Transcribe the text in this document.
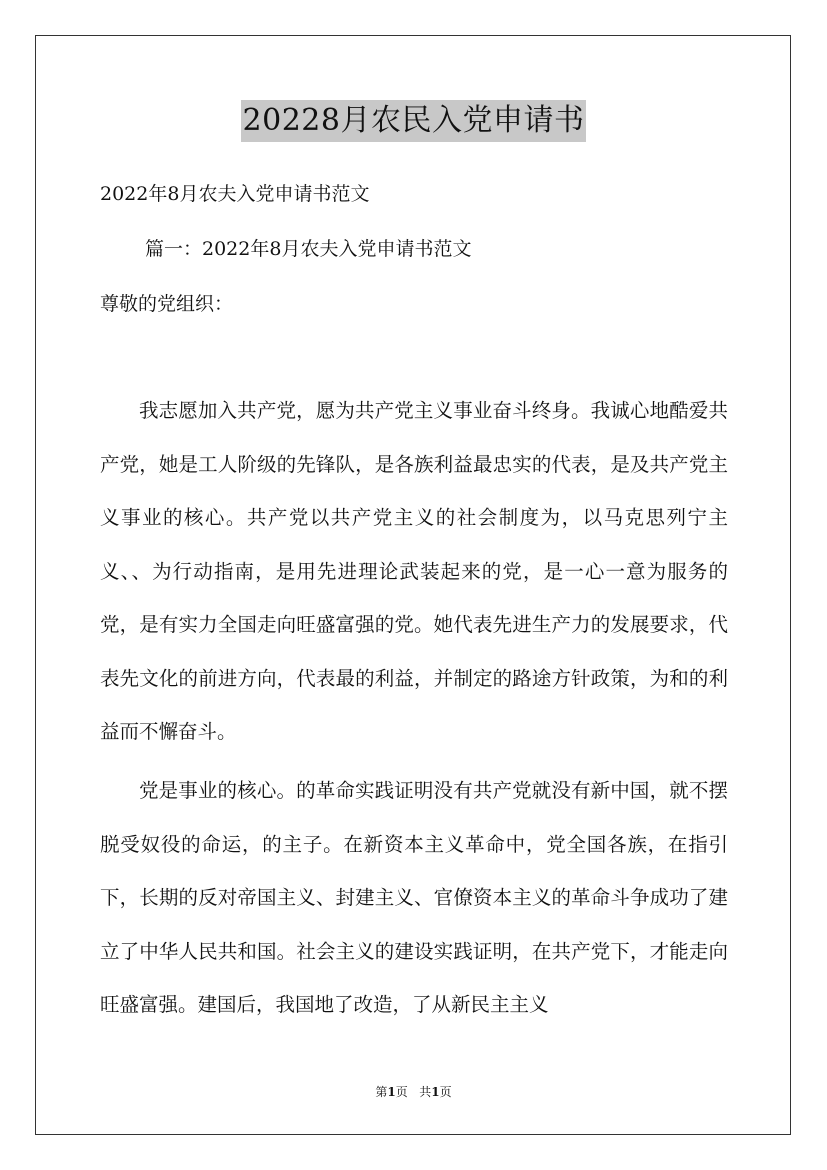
20228月农民入党申请书
2022年8月农夫入党申请书范文
篇一：2022年8月农夫入党申请书范文
尊敬的党组织：

我志愿加入共产党，愿为共产党主义事业奋斗终身。我诚心地酷爱共产党，她是工人阶级的先锋队，是各族利益最忠实的代表，是及共产党主义事业的核心。共产党以共产党主义的社会制度为，以马克思列宁主义、、为行动指南，是用先进理论武装起来的党，是一心一意为服务的党，是有实力全国走向旺盛富强的党。她代表先进生产力的发展要求，代表先文化的前进方向，代表最的利益，并制定的路途方针政策，为和的利益而不懈奋斗。

党是事业的核心。的革命实践证明没有共产党就没有新中国，就不摆脱受奴役的命运，的主子。在新资本主义革命中，党全国各族，在指引下，长期的反对帝国主义、封建主义、官僚资本主义的革命斗争成功了建立了中华人民共和国。社会主义的建设实践证明，在共产党下，才能走向旺盛富强。建国后，我国地了改造，了从新民主主义

第1页 共1页
